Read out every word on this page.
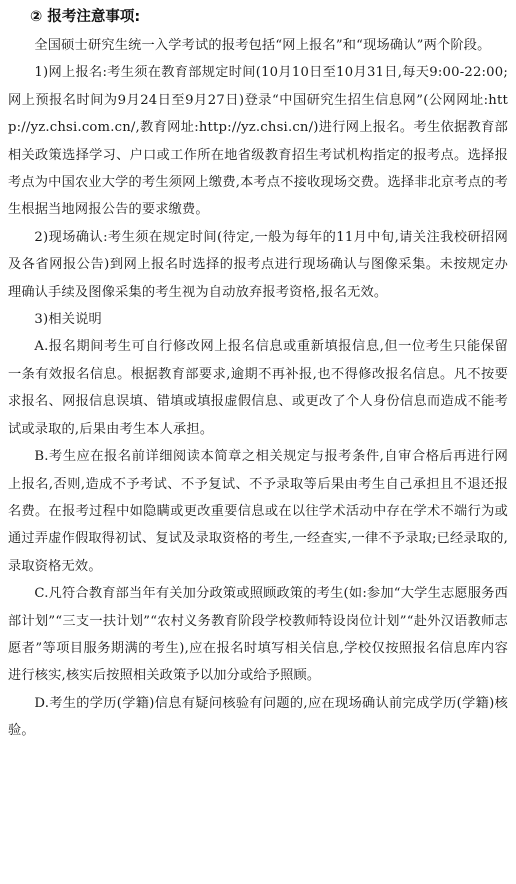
② 报考注意事项:

全国硕士研究生统一入学考试的报考包括“网上报名”和“现场确认”两个阶段。

1)网上报名:考生须在教育部规定时间(10月10日至10月31日,每天9:00-22:00;网上预报名时间为9月24日至9月27日)登录“中国研究生招生信息网”(公网网址:http://yz.chsi.com.cn/,教育网址:http://yz.chsi.cn/)进行网上报名。考生依据教育部相关政策选择学习、户口或工作所在地省级教育招生考试机构指定的报考点。选择报考点为中国农业大学的考生须网上缴费,本考点不接收现场交费。选择非北京考点的考生根据当地网报公告的要求缴费。

2)现场确认:考生须在规定时间(待定,一般为每年的11月中旬,请关注我校研招网及各省网报公告)到网上报名时选择的报考点进行现场确认与图像采集。未按规定办理确认手续及图像采集的考生视为自动放弃报考资格,报名无效。

3)相关说明

A.报名期间考生可自行修改网上报名信息或重新填报信息,但一位考生只能保留一条有效报名信息。根据教育部要求,逾期不再补报,也不得修改报名信息。凡不按要求报名、网报信息误填、错填或填报虚假信息、或更改了个人身份信息而造成不能考试或录取的,后果由考生本人承担。

B.考生应在报名前详细阅读本简章之相关规定与报考条件,自审合格后再进行网上报名,否则,造成不予考试、不予复试、不予录取等后果由考生自己承担且不退还报名费。在报考过程中如隐瞒或更改重要信息或在以往学术活动中存在学术不端行为或通过弄虚作假取得初试、复试及录取资格的考生,一经查实,一律不予录取;已经录取的,录取资格无效。

C.凡符合教育部当年有关加分政策或照顾政策的考生(如:参加“大学生志愿服务西部计划”“三支一扶计划”“农村义务教育阶段学校教师特设岗位计划”“赴外汉语教师志愿者”等项目服务期满的考生),应在报名时填写相关信息,学校仅按照报名信息库内容进行核实,核实后按照相关政策予以加分或给予照顾。

D.考生的学历(学籍)信息有疑问核验有问题的,应在现场确认前完成学历(学籍)核验。
